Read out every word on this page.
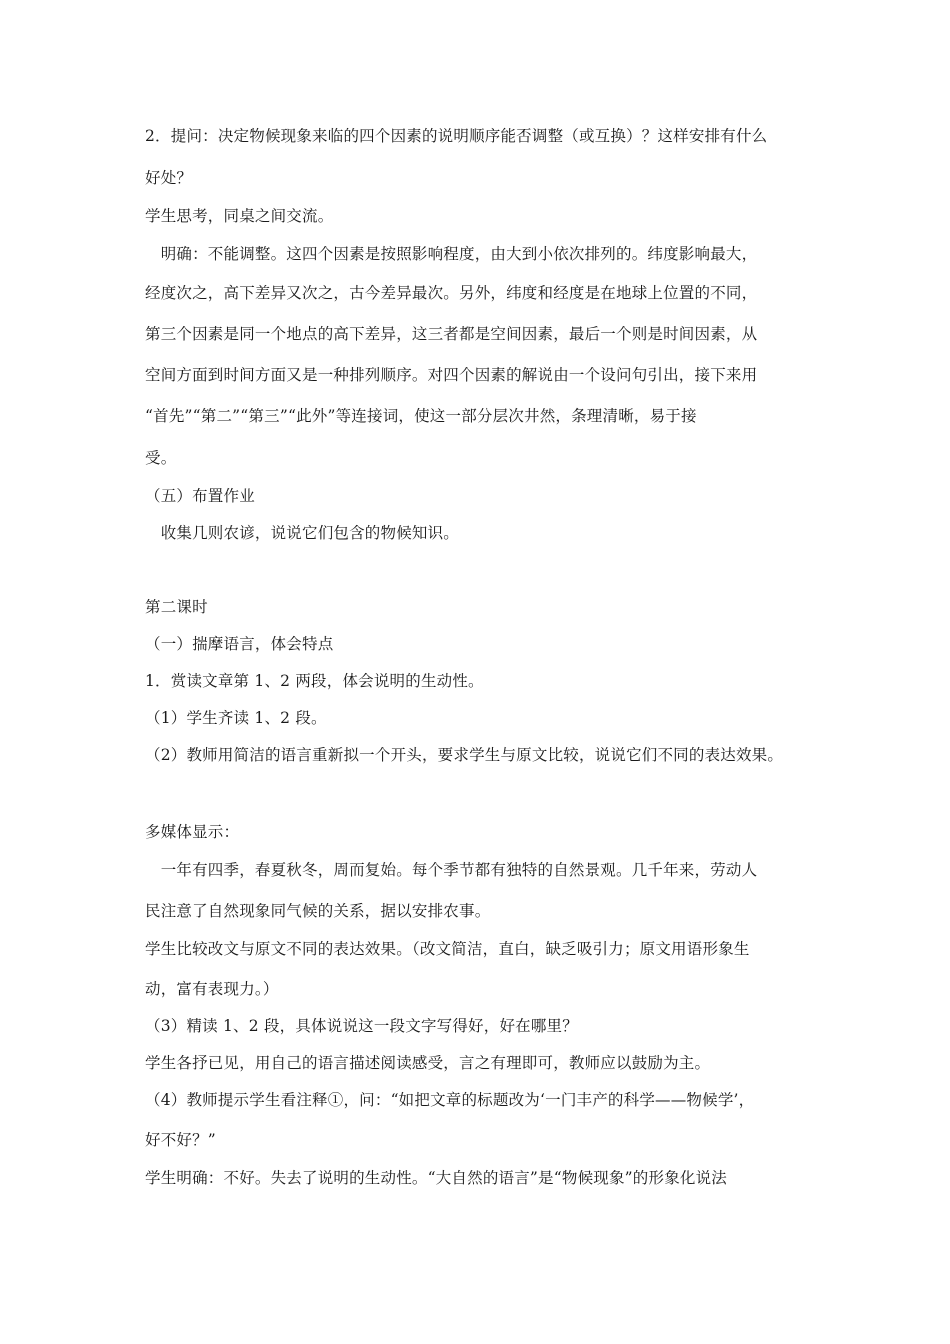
2．提问：决定物候现象来临的四个因素的说明顺序能否调整（或互换）？这样安排有什么
好处？
学生思考，同桌之间交流。
　明确：不能调整。这四个因素是按照影响程度，由大到小依次排列的。纬度影响最大，
经度次之，高下差异又次之，古今差异最次。另外，纬度和经度是在地球上位置的不同，
第三个因素是同一个地点的高下差异，这三者都是空间因素，最后一个则是时间因素，从
空间方面到时间方面又是一种排列顺序。对四个因素的解说由一个设问句引出，接下来用
“首先”“第二”“第三”“此外”等连接词，使这一部分层次井然，条理清晰，易于接
受。
（五）布置作业
　收集几则农谚，说说它们包含的物候知识。
第二课时
（一）揣摩语言，体会特点
1．赏读文章第 1、2 两段，体会说明的生动性。
（1）学生齐读 1、2 段。
（2）教师用简洁的语言重新拟一个开头，要求学生与原文比较，说说它们不同的表达效果。
多媒体显示：
　一年有四季，春夏秋冬，周而复始。每个季节都有独特的自然景观。几千年来，劳动人
民注意了自然现象同气候的关系，据以安排农事。
学生比较改文与原文不同的表达效果。（改文简洁，直白，缺乏吸引力；原文用语形象生
动，富有表现力。）
（3）精读 1、2 段，具体说说这一段文字写得好，好在哪里？
学生各抒已见，用自己的语言描述阅读感受，言之有理即可，教师应以鼓励为主。
（4）教师提示学生看注释①，问：“如把文章的标题改为‘一门丰产的科学——物候学’，
好不好？”
学生明确：不好。失去了说明的生动性。“大自然的语言”是“物候现象”的形象化说法
